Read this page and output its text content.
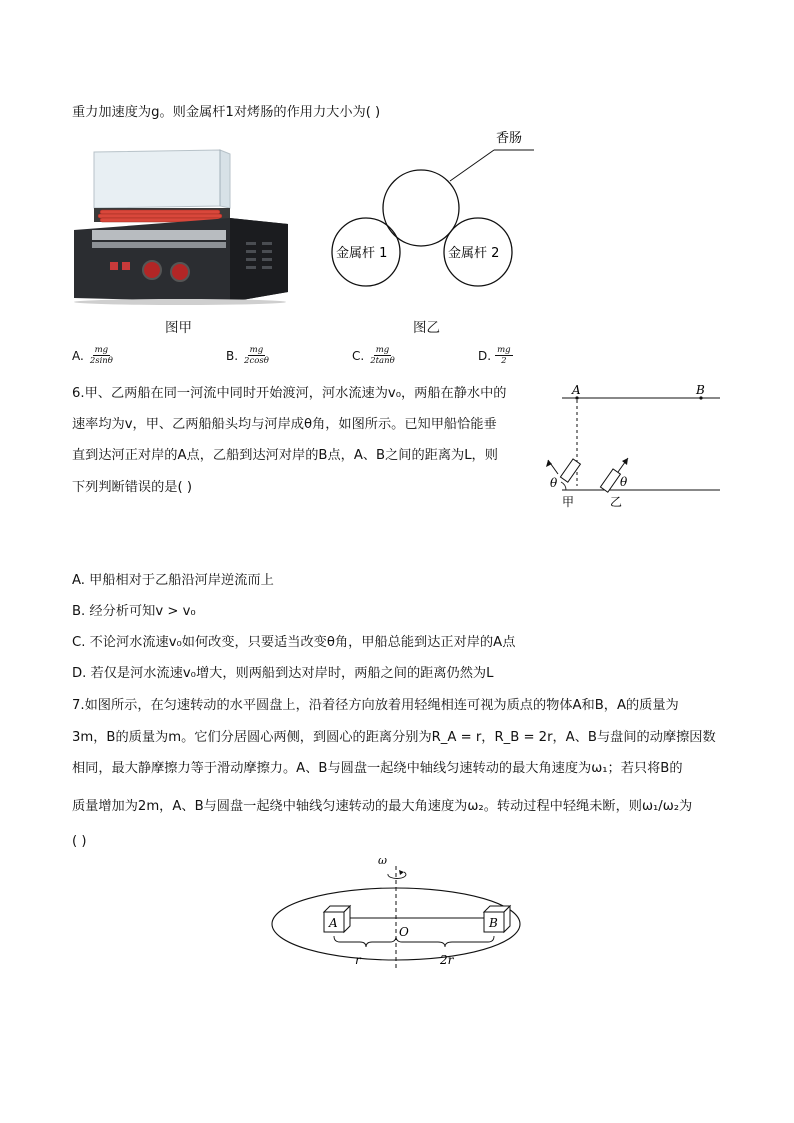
重力加速度为g。则金属杆1对烤肠的作用力大小为( )
图甲
香肠
金属杆 1	金属杆 2
图乙
A. $\frac{mg}{2\sin\theta}$	B. $\frac{mg}{2\cos\theta}$	C. $\frac{mg}{2\tan\theta}$	D. $\frac{mg}{2}$
6.甲、乙两船在同一河流中同时开始渡河，河水流速为v₀，两船在静水中的
速率均为v，甲、乙两船船头均与河岸成θ角，如图所示。已知甲船恰能垂
直到达河正对岸的A点，乙船到达河对岸的B点，A、B之间的距离为L，则
下列判断错误的是( )
A	B
θ
甲
θ
乙
A. 甲船相对于乙船沿河岸逆流而上
B. 经分析可知v > v₀
C. 不论河水流速v₀如何改变，只要适当改变θ角，甲船总能到达正对岸的A点
D. 若仅是河水流速v₀增大，则两船到达对岸时，两船之间的距离仍然为L
7.如图所示，在匀速转动的水平圆盘上，沿着径方向放着用轻绳相连可视为质点的物体A和B，A的质量为
3m，B的质量为m。它们分居圆心两侧，到圆心的距离分别为R_A = r，R_B = 2r，A、B与盘间的动摩擦因数
相同，最大静摩擦力等于滑动摩擦力。A、B与圆盘一起绕中轴线匀速转动的最大角速度为ω₁；若只将B的
质量增加为2m，A、B与圆盘一起绕中轴线匀速转动的最大角速度为ω₂。转动过程中轻绳未断，则ω₁/ω₂为
( )
ω
A	B
O
r	2r
